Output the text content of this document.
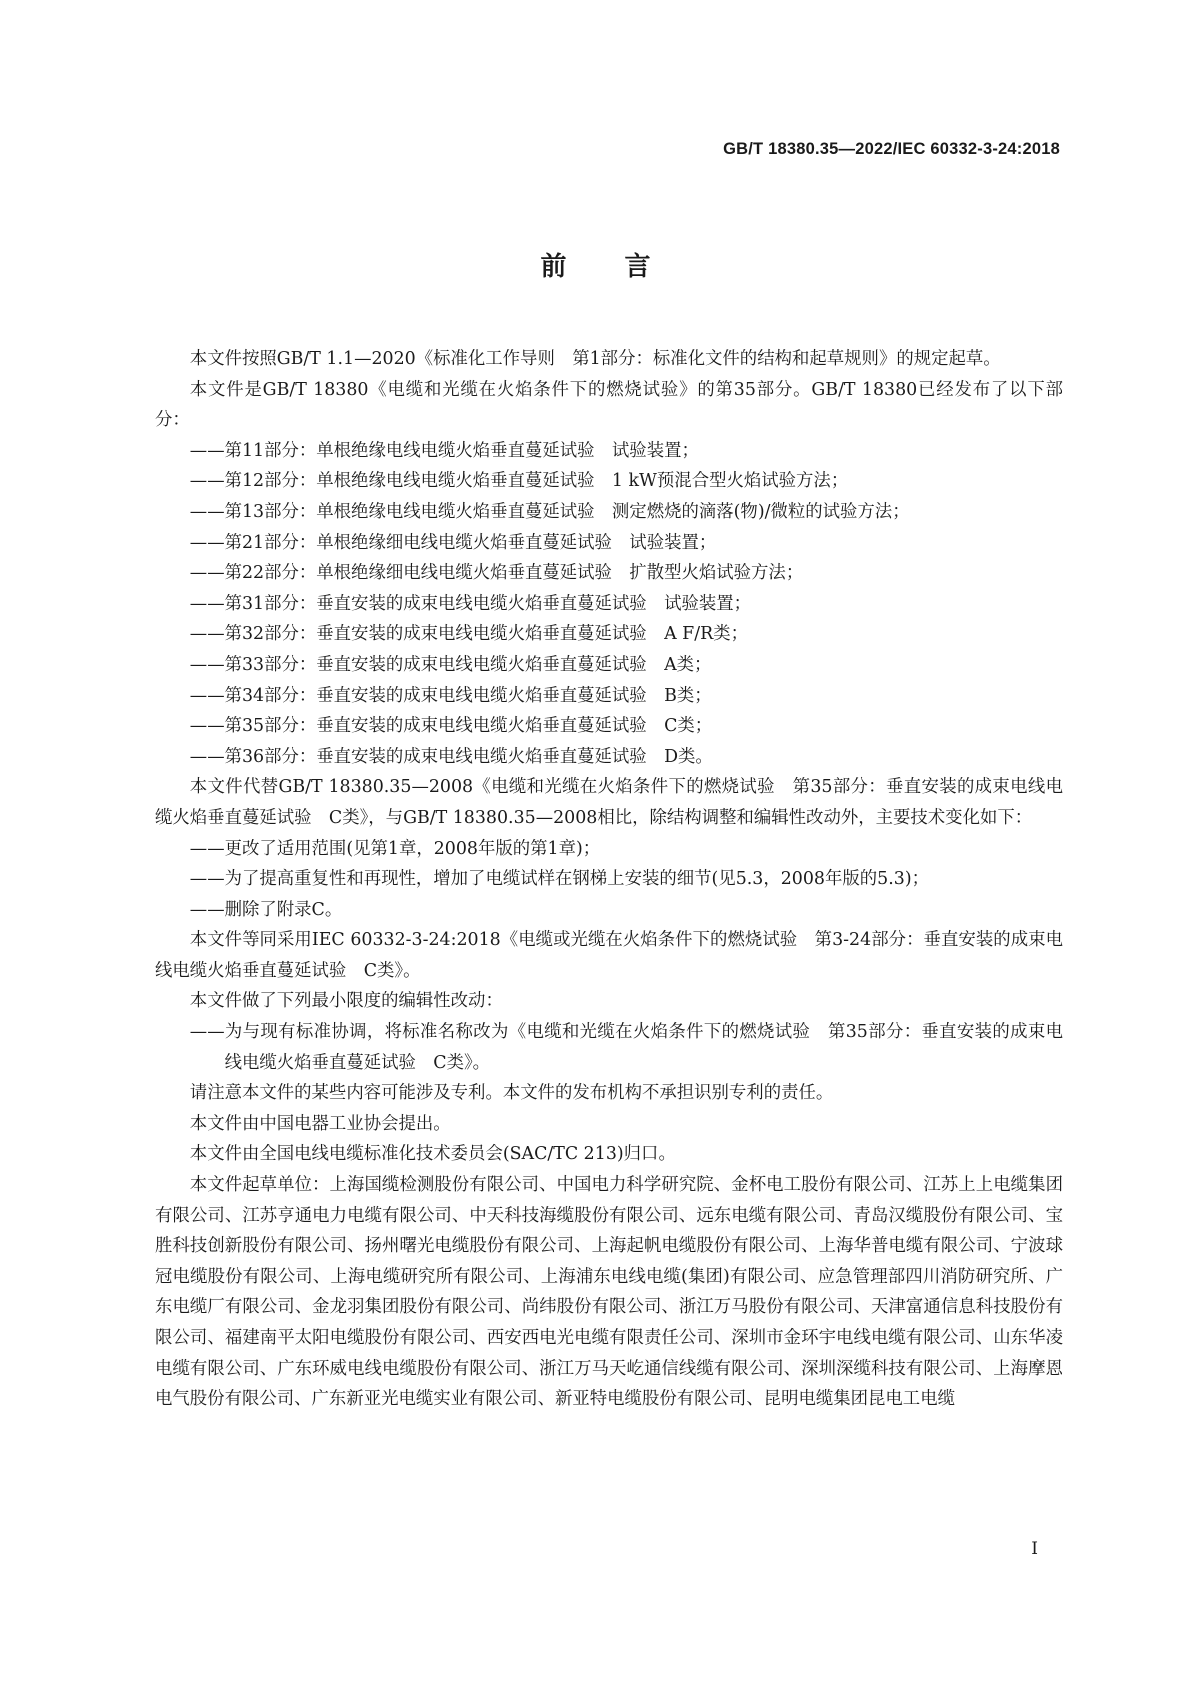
GB/T 18380.35—2022/IEC 60332-3-24:2018
前言

本文件按照GB/T 1.1—2020《标准化工作导则　第1部分：标准化文件的结构和起草规则》的规定起草。

本文件是GB/T 18380《电缆和光缆在火焰条件下的燃烧试验》的第35部分。GB/T 18380已经发布了以下部分：

——第11部分：单根绝缘电线电缆火焰垂直蔓延试验　试验装置；

——第12部分：单根绝缘电线电缆火焰垂直蔓延试验　1 kW预混合型火焰试验方法；

——第13部分：单根绝缘电线电缆火焰垂直蔓延试验　测定燃烧的滴落(物)/微粒的试验方法；

——第21部分：单根绝缘细电线电缆火焰垂直蔓延试验　试验装置；

——第22部分：单根绝缘细电线电缆火焰垂直蔓延试验　扩散型火焰试验方法；

——第31部分：垂直安装的成束电线电缆火焰垂直蔓延试验　试验装置；

——第32部分：垂直安装的成束电线电缆火焰垂直蔓延试验　A F/R类；

——第33部分：垂直安装的成束电线电缆火焰垂直蔓延试验　A类；

——第34部分：垂直安装的成束电线电缆火焰垂直蔓延试验　B类；

——第35部分：垂直安装的成束电线电缆火焰垂直蔓延试验　C类；

——第36部分：垂直安装的成束电线电缆火焰垂直蔓延试验　D类。

本文件代替GB/T 18380.35—2008《电缆和光缆在火焰条件下的燃烧试验　第35部分：垂直安装的成束电线电缆火焰垂直蔓延试验　C类》，与GB/T 18380.35—2008相比，除结构调整和编辑性改动外，主要技术变化如下：

——更改了适用范围(见第1章，2008年版的第1章)；

——为了提高重复性和再现性，增加了电缆试样在钢梯上安装的细节(见5.3，2008年版的5.3)；

——删除了附录C。

本文件等同采用IEC 60332-3-24:2018《电缆或光缆在火焰条件下的燃烧试验　第3-24部分：垂直安装的成束电线电缆火焰垂直蔓延试验　C类》。

本文件做了下列最小限度的编辑性改动：

——为与现有标准协调，将标准名称改为《电缆和光缆在火焰条件下的燃烧试验　第35部分：垂直安装的成束电线电缆火焰垂直蔓延试验　C类》。

请注意本文件的某些内容可能涉及专利。本文件的发布机构不承担识别专利的责任。

本文件由中国电器工业协会提出。

本文件由全国电线电缆标准化技术委员会(SAC/TC 213)归口。

本文件起草单位：上海国缆检测股份有限公司、中国电力科学研究院、金杯电工股份有限公司、江苏上上电缆集团有限公司、江苏亨通电力电缆有限公司、中天科技海缆股份有限公司、远东电缆有限公司、青岛汉缆股份有限公司、宝胜科技创新股份有限公司、扬州曙光电缆股份有限公司、上海起帆电缆股份有限公司、上海华普电缆有限公司、宁波球冠电缆股份有限公司、上海电缆研究所有限公司、上海浦东电线电缆(集团)有限公司、应急管理部四川消防研究所、广东电缆厂有限公司、金龙羽集团股份有限公司、尚纬股份有限公司、浙江万马股份有限公司、天津富通信息科技股份有限公司、福建南平太阳电缆股份有限公司、西安西电光电缆有限责任公司、深圳市金环宇电线电缆有限公司、山东华凌电缆有限公司、广东环威电线电缆股份有限公司、浙江万马天屹通信线缆有限公司、深圳深缆科技有限公司、上海摩恩电气股份有限公司、广东新亚光电缆实业有限公司、新亚特电缆股份有限公司、昆明电缆集团昆电工电缆

I
